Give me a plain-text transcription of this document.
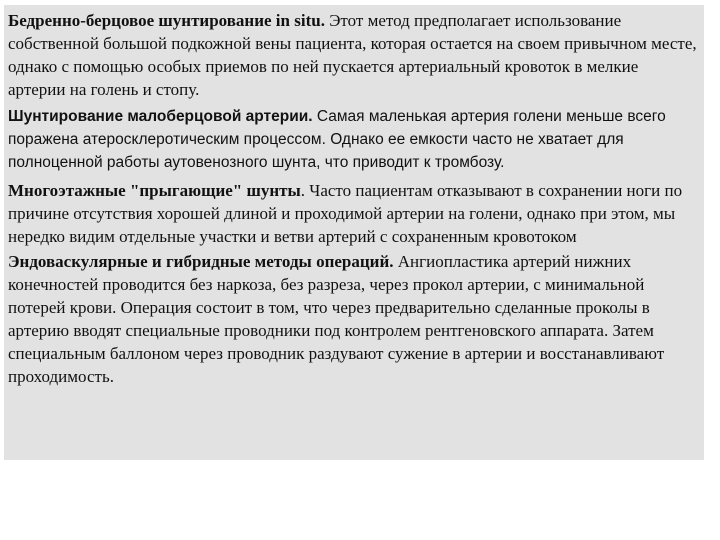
Бедренно-берцовое шунтирование in situ. Этот метод предполагает использование собственной большой подкожной вены пациента, которая остается на своем привычном месте, однако с помощью особых приемов по ней пускается артериальный кровоток в мелкие артерии на голень и стопу.

Шунтирование малоберцовой артерии. Самая маленькая артерия голени меньше всего поражена атеросклеротическим процессом. Однако ее емкости часто не хватает для полноценной работы аутовенозного шунта, что приводит к тромбозу.

Многоэтажные "прыгающие" шунты. Часто пациентам отказывают в сохранении ноги по причине отсутствия хорошей длиной и проходимой артерии на голени, однако при этом, мы нередко видим отдельные участки и ветви артерий с сохраненным кровотоком

Эндоваскулярные и гибридные методы операций. Ангиопластика артерий нижних конечностей проводится без наркоза, без разреза, через прокол артерии, с минимальной потерей крови. Операция состоит в том, что через предварительно сделанные проколы в артерию вводят специальные проводники под контролем рентгеновского аппарата. Затем специальным баллоном через проводник раздувают сужение в артерии и восстанавливают проходимость.
